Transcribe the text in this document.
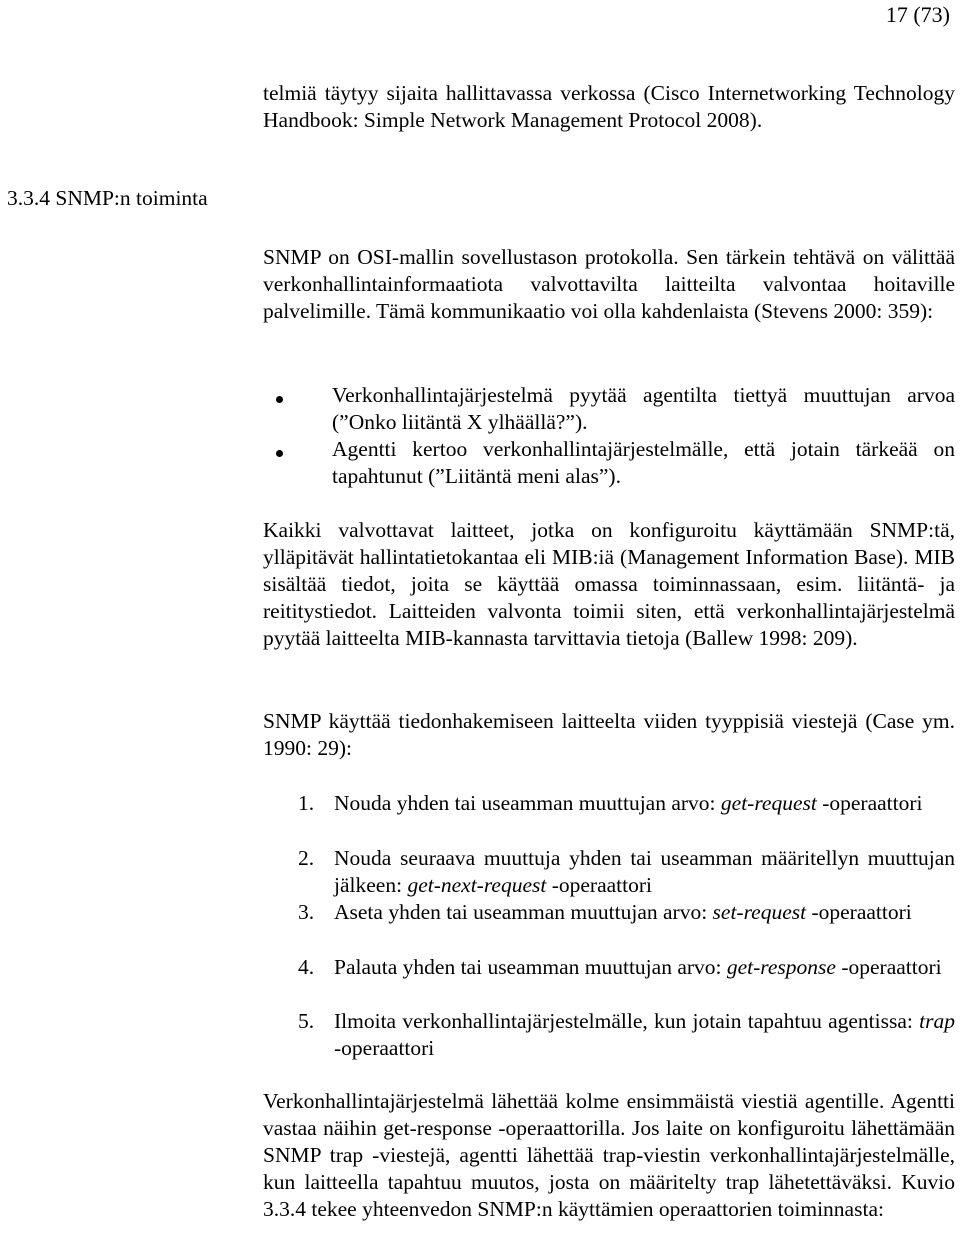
17 (73)
telmiä täytyy sijaita hallittavassa verkossa (Cisco Internetworking Technology Handbook: Simple Network Management Protocol 2008).
3.3.4 SNMP:n toiminta
SNMP on OSI-mallin sovellustason protokolla. Sen tärkein tehtävä on välittää verkonhallintainformaatiota valvottavilta laitteilta valvontaa hoitaville palvelimille. Tämä kommunikaatio voi olla kahdenlaista (Stevens 2000: 359):
Verkonhallintajärjestelmä pyytää agentilta tiettyä muuttujan arvoa (”Onko liitäntä X ylhäällä?”).
Agentti kertoo verkonhallintajärjestelmälle, että jotain tärkeää on tapahtunut (”Liitäntä meni alas”).
Kaikki valvottavat laitteet, jotka on konfiguroitu käyttämään SNMP:tä, ylläpitävät hallintatietokantaa eli MIB:iä (Management Information Base). MIB sisältää tiedot, joita se käyttää omassa toiminnassaan, esim. liitäntä- ja reititystiedot. Laitteiden valvonta toimii siten, että verkonhallintajärjestelmä pyytää laitteelta MIB-kannasta tarvittavia tietoja (Ballew 1998: 209).
SNMP käyttää tiedonhakemiseen laitteelta viiden tyyppisiä viestejä (Case ym. 1990: 29):
1. Nouda yhden tai useamman muuttujan arvo: get-request -operaattori
2. Nouda seuraava muuttuja yhden tai useamman määritellyn muuttujan jälkeen: get-next-request -operaattori
3. Aseta yhden tai useamman muuttujan arvo: set-request -operaattori
4. Palauta yhden tai useamman muuttujan arvo: get-response -operaattori
5. Ilmoita verkonhallintajärjestelmälle, kun jotain tapahtuu agentissa: trap -operaattori
Verkonhallintajärjestelmä lähettää kolme ensimmäistä viestiä agentille. Agentti vastaa näihin get-response -operaattorilla. Jos laite on konfiguroitu lähettämään SNMP trap -viestejä, agentti lähettää trap-viestin verkonhallintajärjestelmälle, kun laitteella tapahtuu muutos, josta on määritelty trap lähetettäväksi. Kuvio 3.3.4 tekee yhteenvedon SNMP:n käyttämien operaattorien toiminnasta:
